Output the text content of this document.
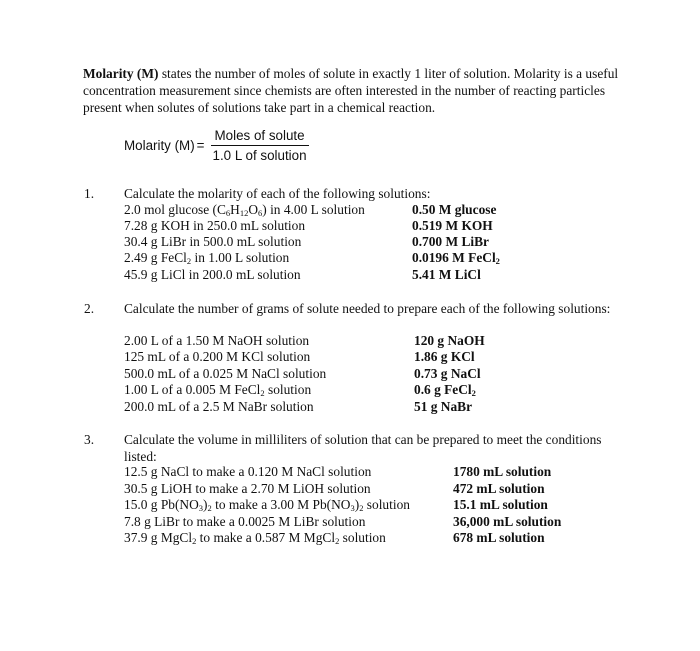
Molarity (M) states the number of moles of solute in exactly 1 liter of solution. Molarity is a useful concentration measurement since chemists are often interested in the number of reacting particles present when solutes of solutions take part in a chemical reaction.
Molarity $(M) = \frac{\text{Moles of solute}}{\text{1.0 L of solution}}$
1. Calculate the molarity of each of the following solutions:
2.0 mol glucose $(C_6H_{12}O_6)$ in 4.00 L solution	0.50 M glucose
7.28 g KOH in 250.0 mL solution	0.519 M KOH
30.4 g LiBr in 500.0 mL solution	0.700 M LiBr
2.49 g FeCl$_2$ in 1.00 L solution	0.0196 M FeCl$_2$
45.9 g LiCl in 200.0 mL solution	5.41 M LiCl
2. Calculate the number of grams of solute needed to prepare each of the following solutions:
2.00 L of a 1.50 M NaOH solution	120 g NaOH
125 mL of a 0.200 M KCl solution	1.86 g KCl
500.0 mL of a 0.025 M NaCl solution	0.73 g NaCl
1.00 L of a 0.005 M FeCl$_2$ solution	0.6 g FeCl$_2$
200.0 mL of a 2.5 M NaBr solution	51 g NaBr
3. Calculate the volume in milliliters of solution that can be prepared to meet the conditions listed:
12.5 g NaCl to make a 0.120 M NaCl solution	1780 mL solution
30.5 g LiOH to make a 2.70 M LiOH solution	472 mL solution
15.0 g $Pb(NO_3)_2$ to make a 3.00 M $Pb(NO_3)_2$ solution	15.1 mL solution
7.8 g LiBr to make a 0.0025 M LiBr solution	36,000 mL solution
37.9 g MgCl$_2$ to make a 0.587 M MgCl$_2$ solution	678 mL solution
